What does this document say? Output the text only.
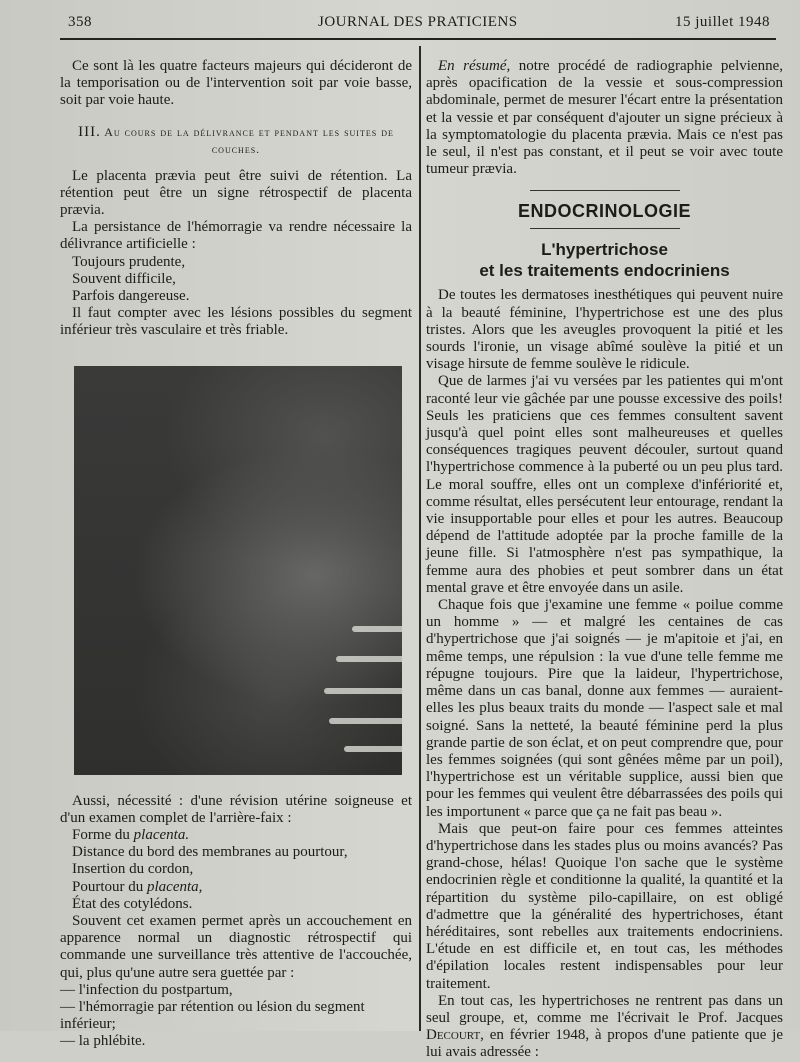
358	JOURNAL DES PRATICIENS	15 juillet 1948

Ce sont là les quatre facteurs majeurs qui décideront de la temporisation ou de l'intervention soit par voie basse, soit par voie haute.

III. Au cours de la délivrance et pendant les suites de couches.

Le placenta prævia peut être suivi de rétention. La rétention peut être un signe rétrospectif de placenta prævia.

La persistance de l'hémorragie va rendre nécessaire la délivrance artificielle :

Toujours prudente,
Souvent difficile,
Parfois dangereuse.

Il faut compter avec les lésions possibles du segment inférieur très vasculaire et très friable.

Aussi, nécessité : d'une révision utérine soigneuse et d'un examen complet de l'arrière-faix :

Forme du placenta.
Distance du bord des membranes au pourtour,
Insertion du cordon,
Pourtour du placenta,
État des cotylédons.

Souvent cet examen permet après un accouchement en apparence normal un diagnostic rétrospectif qui commande une surveillance très attentive de l'accouchée, qui, plus qu'une autre sera guettée par :

— l'infection du postpartum,
— l'hémorragie par rétention ou lésion du segment inférieur;
— la phlébite.

En résumé, notre procédé de radiographie pelvienne, après opacification de la vessie et sous-compression abdominale, permet de mesurer l'écart entre la présentation et la vessie et par conséquent d'ajouter un signe précieux à la symptomatologie du placenta prævia. Mais ce n'est pas le seul, il n'est pas constant, et il peut se voir avec toute tumeur prævia.

ENDOCRINOLOGIE
L'hypertrichose
et les traitements endocriniens

De toutes les dermatoses inesthétiques qui peuvent nuire à la beauté féminine, l'hypertrichose est une des plus tristes. Alors que les aveugles provoquent la pitié et les sourds l'ironie, un visage abîmé soulève la pitié et un visage hirsute de femme soulève le ridicule.

Que de larmes j'ai vu versées par les patientes qui m'ont raconté leur vie gâchée par une pousse excessive des poils! Seuls les praticiens que ces femmes consultent savent jusqu'à quel point elles sont malheureuses et quelles conséquences tragiques peuvent découler, surtout quand l'hypertrichose commence à la puberté ou un peu plus tard. Le moral souffre, elles ont un complexe d'infériorité et, comme résultat, elles persécutent leur entourage, rendant la vie insupportable pour elles et pour les autres. Beaucoup dépend de l'attitude adoptée par la proche famille de la jeune fille. Si l'atmosphère n'est pas sympathique, la femme aura des phobies et peut sombrer dans un état mental grave et être envoyée dans un asile.

Chaque fois que j'examine une femme « poilue comme un homme » — et malgré les centaines de cas d'hypertrichose que j'ai soignés — je m'apitoie et j'ai, en même temps, une répulsion : la vue d'une telle femme me répugne toujours. Pire que la laideur, l'hypertrichose, même dans un cas banal, donne aux femmes — auraient-elles les plus beaux traits du monde — l'aspect sale et mal soigné. Sans la netteté, la beauté féminine perd la plus grande partie de son éclat, et on peut comprendre que, pour les femmes soignées (qui sont gênées même par un poil), l'hypertrichose est un véritable supplice, aussi bien que pour les femmes qui veulent être débarrassées des poils qui les importunent « parce que ça ne fait pas beau ».

Mais que peut-on faire pour ces femmes atteintes d'hypertrichose dans les stades plus ou moins avancés? Pas grand-chose, hélas! Quoique l'on sache que le système endocrinien règle et conditionne la qualité, la quantité et la répartition du système pilo-capillaire, on est obligé d'admettre que la généralité des hypertrichoses, étant héréditaires, sont rebelles aux traitements endocriniens. L'étude en est difficile et, en tout cas, les méthodes d'épilation locales restent indispensables pour leur traitement.

En tout cas, les hypertrichoses ne rentrent pas dans un seul groupe, et, comme me l'écrivait le Prof. Jacques Decourt, en février 1948, à propos d'une patiente que je lui avais adressée :
